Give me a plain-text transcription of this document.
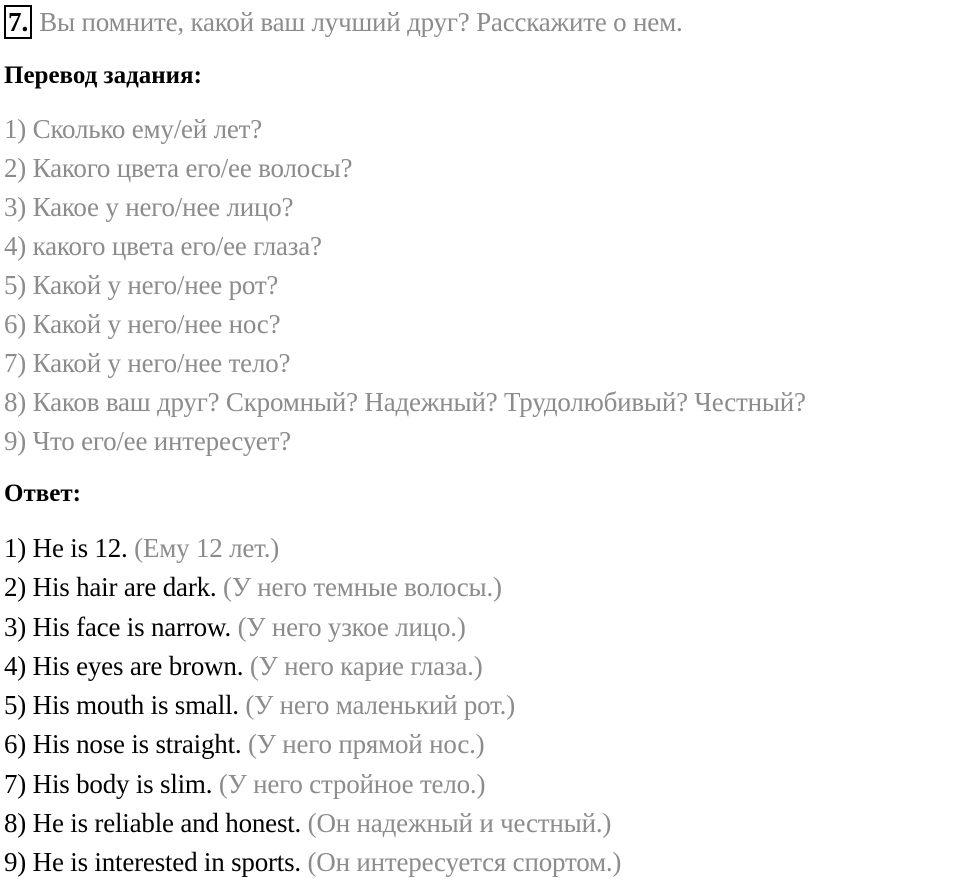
7. Вы помните, какой ваш лучший друг? Расскажите о нем.
Перевод задания:
1) Сколько ему/ей лет?
2) Какого цвета его/ее волосы?
3) Какое у него/нее лицо?
4) какого цвета его/ее глаза?
5) Какой у него/нее рот?
6) Какой у него/нее нос?
7) Какой у него/нее тело?
8) Каков ваш друг? Скромный? Надежный? Трудолюбивый? Честный?
9) Что его/ее интересует?
Ответ:
1) He is 12. (Ему 12 лет.)
2) His hair are dark. (У него темные волосы.)
3) His face is narrow. (У него узкое лицо.)
4) His eyes are brown. (У него карие глаза.)
5) His mouth is small. (У него маленький рот.)
6) His nose is straight. (У него прямой нос.)
7) His body is slim. (У него стройное тело.)
8) He is reliable and honest. (Он надежный и честный.)
9) He is interested in sports. (Он интересуется спортом.)
